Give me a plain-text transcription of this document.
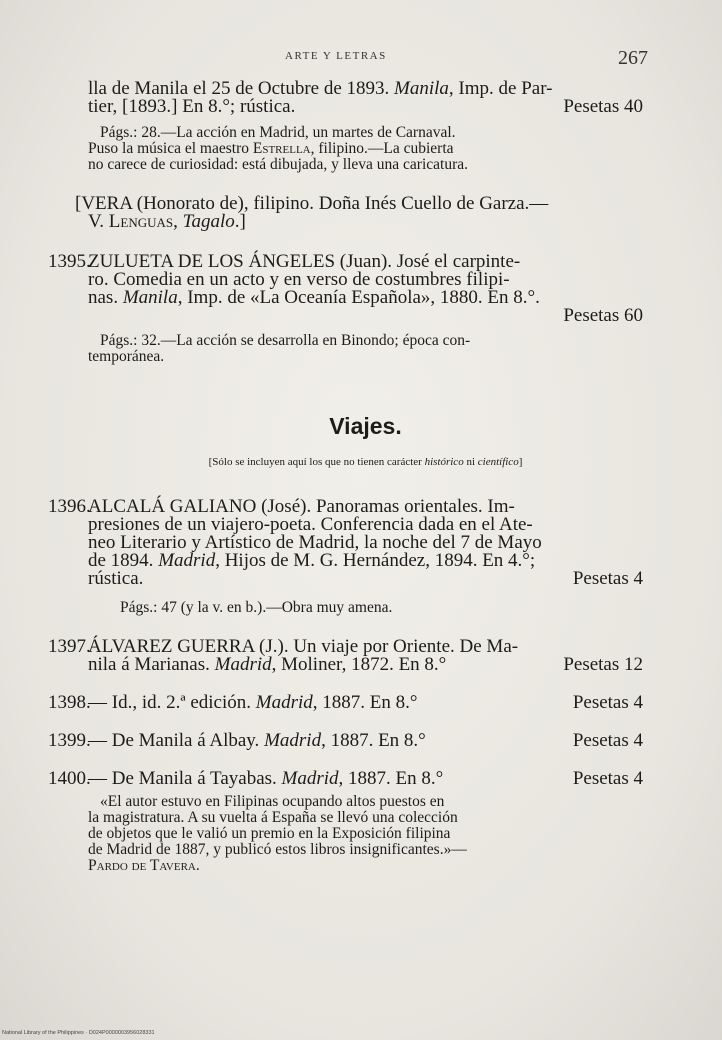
ARTE Y LETRAS	267

lla de Manila el 25 de Octubre de 1893. Manila, Imp. de Par-
tier, [1893.] En 8.°; rústica.	Pesetas 40

Págs.: 28.—La acción en Madrid, un martes de Carnaval.
Puso la música el maestro Estrella, filipino.—La cubierta
no carece de curiosidad: está dibujada, y lleva una caricatura.

[VERA (Honorato de), filipino. Doña Inés Cuello de Garza.—
V. Lenguas, Tagalo.]

1395.ZULUETA DE LOS ÁNGELES (Juan). José el carpinte-
ro. Comedia en un acto y en verso de costumbres filipi-
nas. Manila, Imp. de «La Oceanía Española», 1880. En 8.°.
Pesetas 60

Págs.: 32.—La acción se desarrolla en Binondo; época con-
temporánea.

Viajes.
[Sólo se incluyen aquí los que no tienen carácter histórico ni científico]

1396.ALCALÁ GALIANO (José). Panoramas orientales. Im-
presiones de un viajero-poeta. Conferencia dada en el Ate-
neo Literario y Artístico de Madrid, la noche del 7 de Mayo
de 1894. Madrid, Hijos de M. G. Hernández, 1894. En 4.°;
rústica.	Pesetas 4

Págs.: 47 (y la v. en b.).—Obra muy amena.

1397.ÁLVAREZ GUERRA (J.). Un viaje por Oriente. De Ma-
nila á Marianas. Madrid, Moliner, 1872. En 8.°	Pesetas 12

1398.— Id., id. 2.ª edición. Madrid, 1887. En 8.°	Pesetas 4

1399.— De Manila á Albay. Madrid, 1887. En 8.°	Pesetas 4

1400.— De Manila á Tayabas. Madrid, 1887. En 8.°	Pesetas 4

«El autor estuvo en Filipinas ocupando altos puestos en
la magistratura. A su vuelta á España se llevó una colección
de objetos que le valió un premio en la Exposición filipina
de Madrid de 1887, y publicó estos libros insignificantes.»—
Pardo de Tavera.

National Library of the Philippines · D024P0000003956028331
